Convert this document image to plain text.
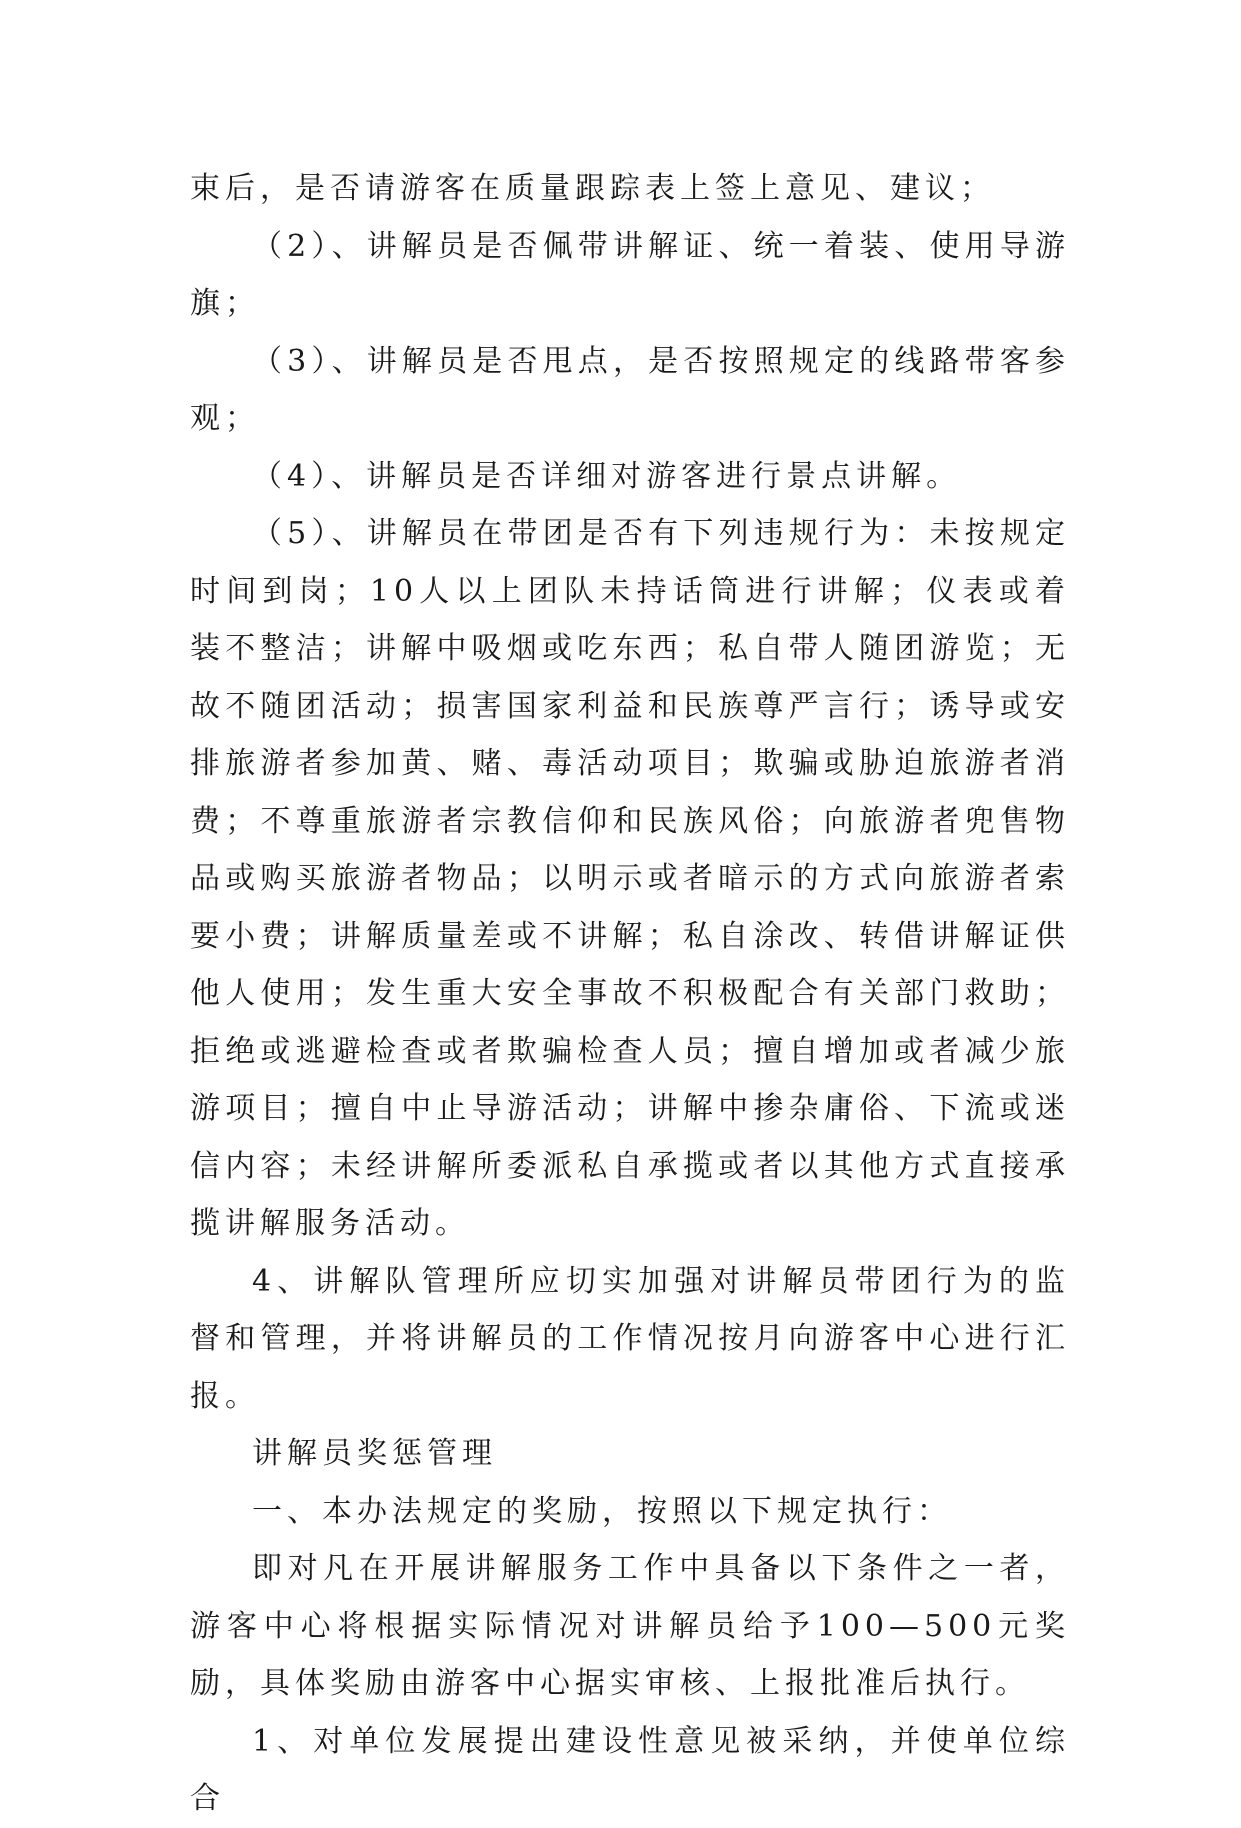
束后，是否请游客在质量跟踪表上签上意见、建议；

（2）、讲解员是否佩带讲解证、统一着装、使用导游旗；

（3）、讲解员是否甩点，是否按照规定的线路带客参观；

（4）、讲解员是否详细对游客进行景点讲解。

（5）、讲解员在带团是否有下列违规行为：未按规定时间到岗；10人以上团队未持话筒进行讲解；仪表或着装不整洁；讲解中吸烟或吃东西；私自带人随团游览；无故不随团活动；损害国家利益和民族尊严言行；诱导或安排旅游者参加黄、赌、毒活动项目；欺骗或胁迫旅游者消费；不尊重旅游者宗教信仰和民族风俗；向旅游者兜售物品或购买旅游者物品；以明示或者暗示的方式向旅游者索要小费；讲解质量差或不讲解；私自涂改、转借讲解证供他人使用；发生重大安全事故不积极配合有关部门救助；拒绝或逃避检查或者欺骗检查人员；擅自增加或者减少旅游项目；擅自中止导游活动；讲解中掺杂庸俗、下流或迷信内容；未经讲解所委派私自承揽或者以其他方式直接承揽讲解服务活动。

4、讲解队管理所应切实加强对讲解员带团行为的监督和管理，并将讲解员的工作情况按月向游客中心进行汇报。

讲解员奖惩管理

一、本办法规定的奖励，按照以下规定执行：

即对凡在开展讲解服务工作中具备以下条件之一者，游客中心将根据实际情况对讲解员给予100—500元奖励，具体奖励由游客中心据实审核、上报批准后执行。

1、对单位发展提出建设性意见被采纳，并使单位综合
